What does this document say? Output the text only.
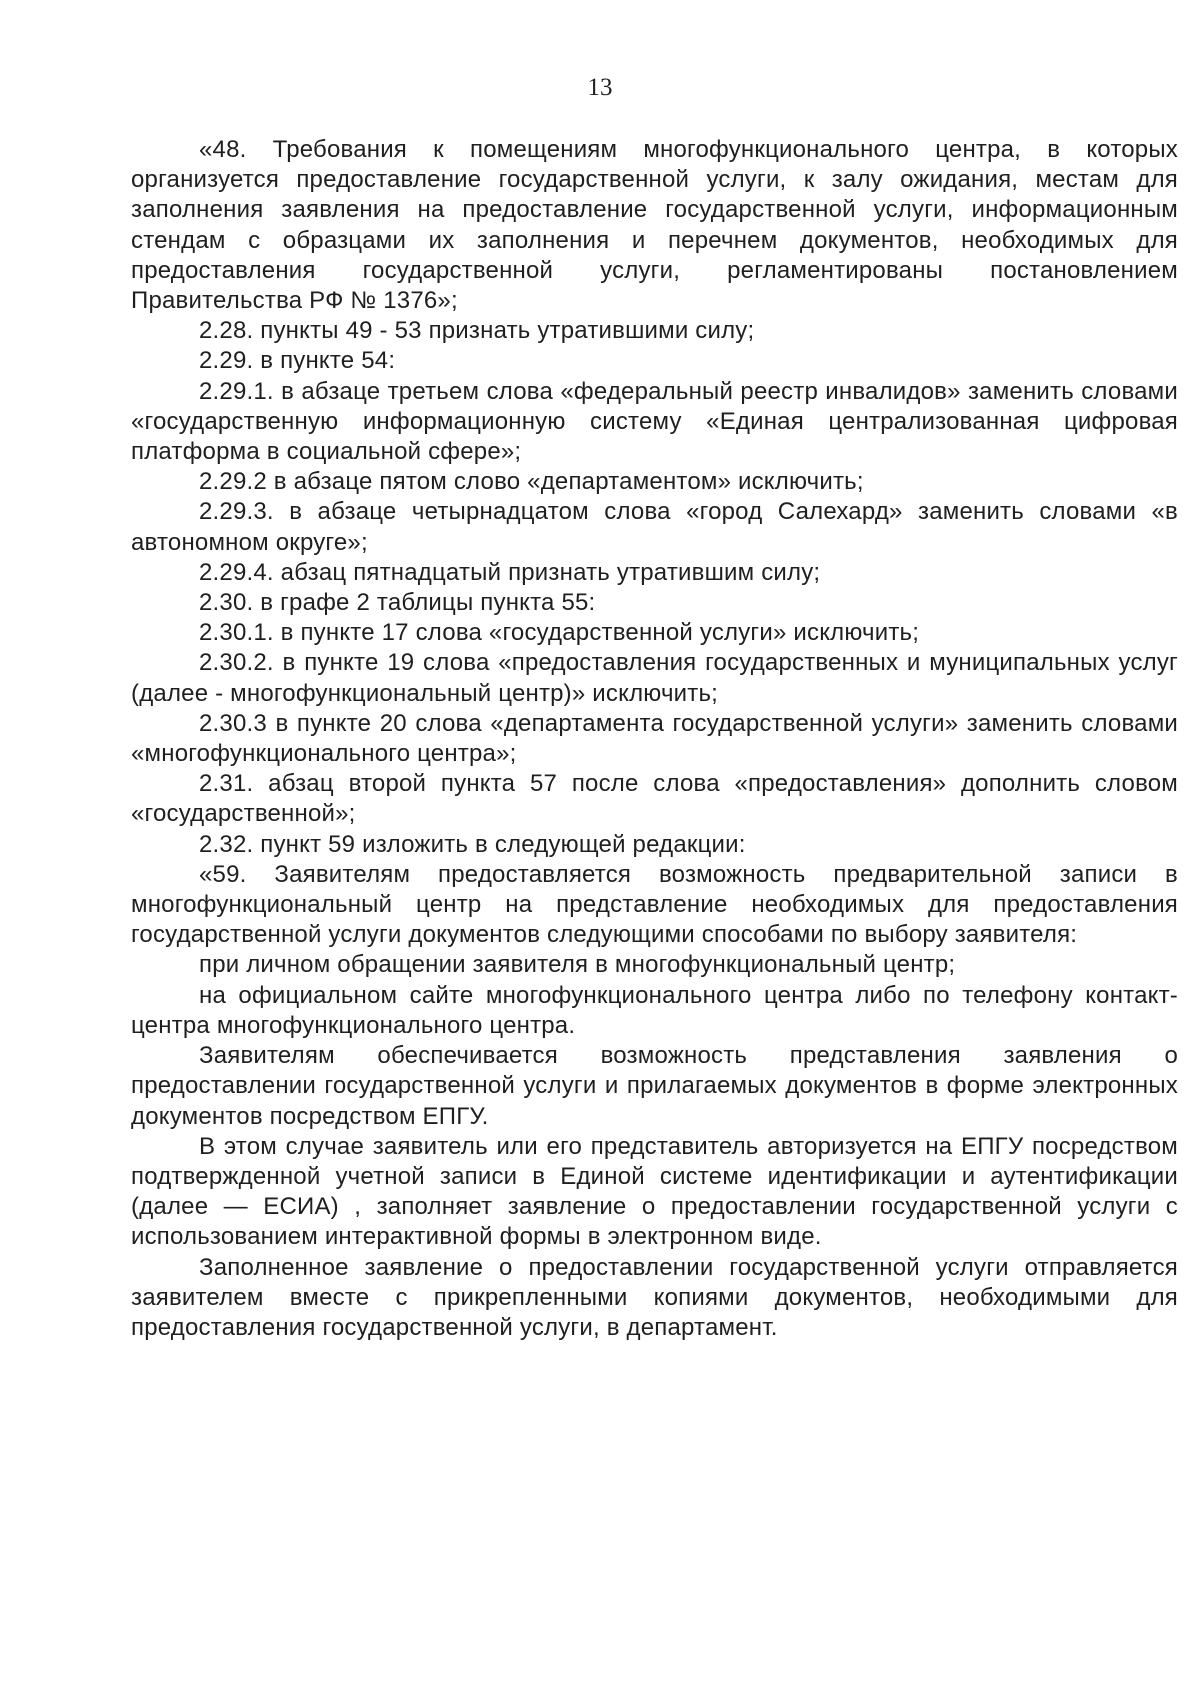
13

«48. Требования к помещениям многофункционального центра, в которых организуется предоставление государственной услуги, к залу ожидания, местам для заполнения заявления на предоставление государственной услуги, информационным стендам с образцами их заполнения и перечнем документов, необходимых для предоставления государственной услуги, регламентированы постановлением Правительства РФ № 1376»;

2.28. пункты 49 - 53 признать утратившими силу;

2.29. в пункте 54:

2.29.1. в абзаце третьем слова «федеральный реестр инвалидов» заменить словами «государственную информационную систему «Единая централизованная цифровая платформа в социальной сфере»;

2.29.2 в абзаце пятом слово «департаментом» исключить;

2.29.3. в абзаце четырнадцатом слова «город Салехард» заменить словами «в автономном округе»;

2.29.4. абзац пятнадцатый признать утратившим силу;

2.30. в графе 2 таблицы пункта 55:

2.30.1. в пункте 17 слова «государственной услуги» исключить;

2.30.2. в пункте 19 слова «предоставления государственных и муниципальных услуг (далее - многофункциональный центр)» исключить;

2.30.3 в пункте 20 слова «департамента государственной услуги» заменить словами «многофункционального центра»;

2.31. абзац второй пункта 57 после слова «предоставления» дополнить словом «государственной»;

2.32. пункт 59 изложить в следующей редакции:

«59. Заявителям предоставляется возможность предварительной записи в многофункциональный центр на представление необходимых для предоставления государственной услуги документов следующими способами по выбору заявителя:

при личном обращении заявителя в многофункциональный центр;

на официальном сайте многофункционального центра либо по телефону контакт-центра многофункционального центра.

Заявителям обеспечивается возможность представления заявления о предоставлении государственной услуги и прилагаемых документов в форме электронных документов посредством ЕПГУ.

В этом случае заявитель или его представитель авторизуется на ЕПГУ посредством подтвержденной учетной записи в Единой системе идентификации и аутентификации (далее — ЕСИА) , заполняет заявление о предоставлении государственной услуги с использованием интерактивной формы в электронном виде.

Заполненное заявление о предоставлении государственной услуги отправляется заявителем вместе с прикрепленными копиями документов, необходимыми для предоставления государственной услуги, в департамент.
